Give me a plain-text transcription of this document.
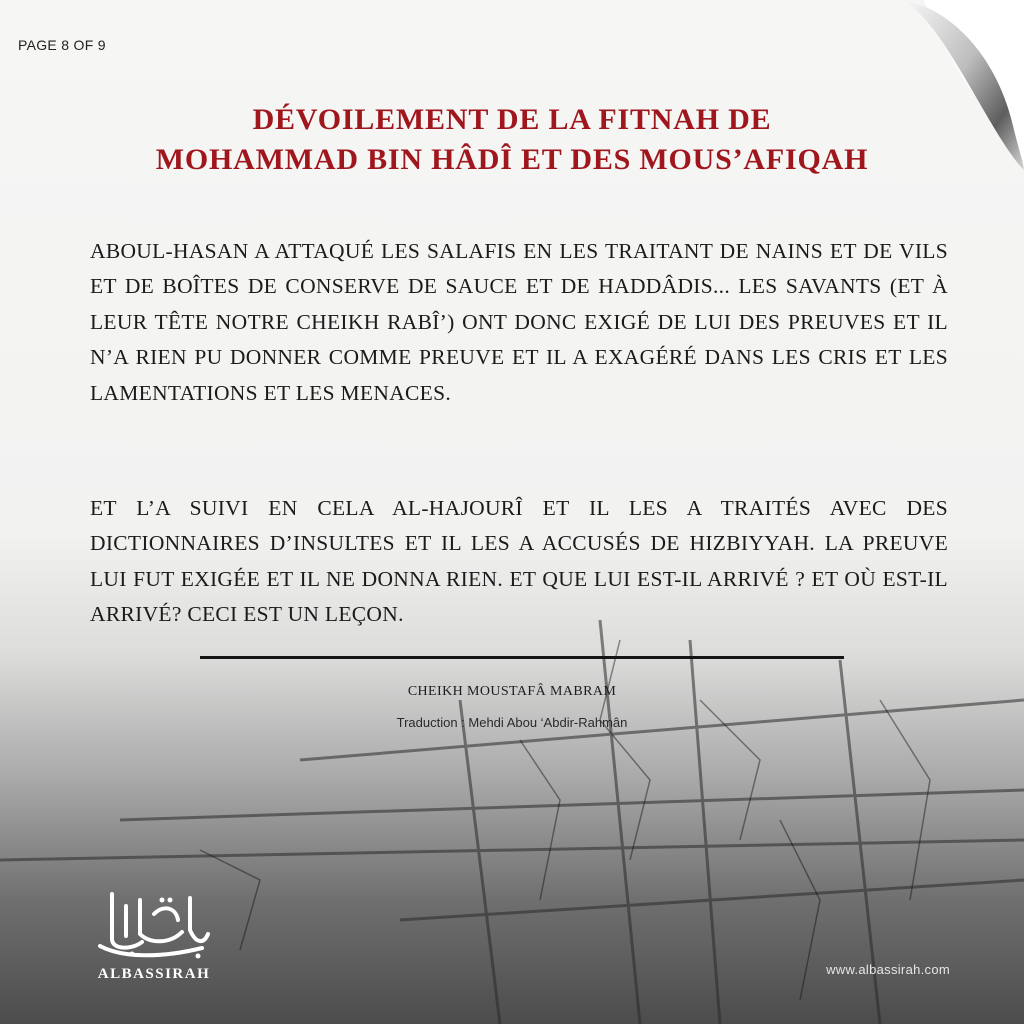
PAGE 8 OF 9
DÉVOILEMENT DE LA FITNAH DE
MOHAMMAD BIN HÂDÎ ET DES MOUS’AFIQAH

ABOUL-HASAN A ATTAQUÉ LES SALAFIS EN LES TRAITANT DE NAINS ET DE VILS ET DE BOÎTES DE CONSERVE DE SAUCE ET DE HADDÂDIS... LES SAVANTS (ET À LEUR TÊTE NOTRE CHEIKH RABÎ’) ONT DONC EXIGÉ DE LUI DES PREUVES ET IL N’A RIEN PU DONNER COMME PREUVE ET IL A EXAGÉRÉ DANS LES CRIS ET LES LAMENTATIONS ET LES MENACES.

ET L’A SUIVI EN CELA AL-HAJOURÎ ET IL LES A TRAITÉS AVEC DES DICTIONNAIRES D’INSULTES ET IL LES A ACCUSÉS DE HIZBIYYAH. LA PREUVE LUI FUT EXIGÉE ET IL NE DONNA RIEN. ET QUE LUI EST-IL ARRIVÉ ? ET OÙ EST-IL ARRIVÉ? CECI EST UN LEÇON.

CHEIKH MOUSTAFÂ MABRAM
Traduction : Mehdi Abou ‘Abdir-Rahmân
ALBASSIRAH	www.albassirah.com
